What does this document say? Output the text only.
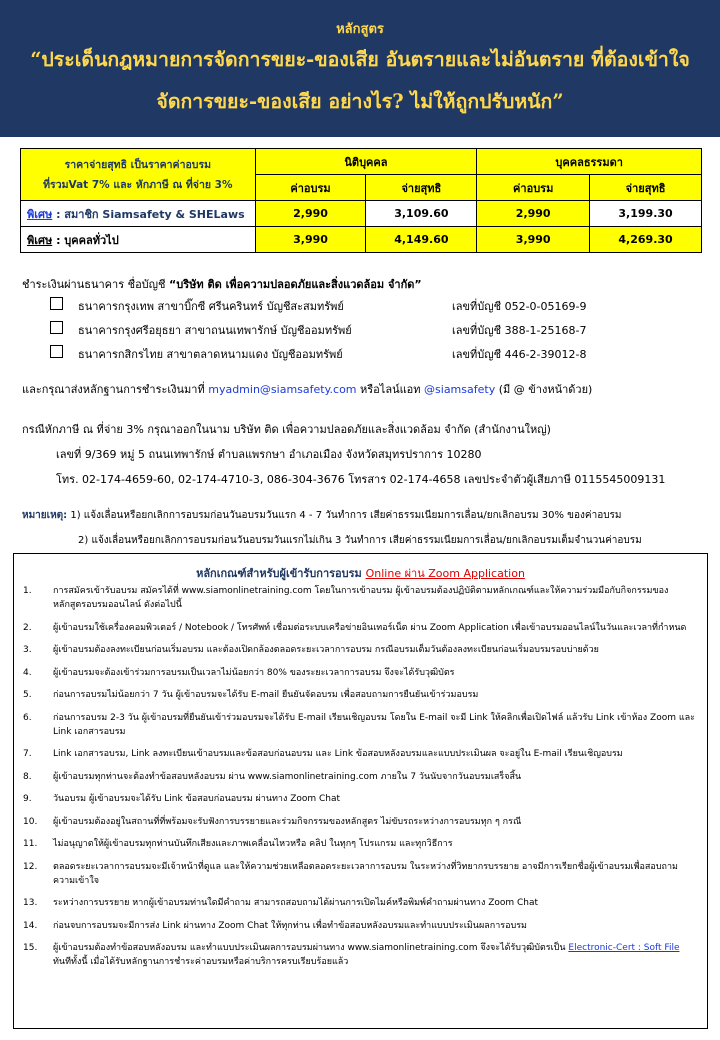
หลักสูตร
“ประเด็นกฎหมายการจัดการขยะ-ของเสีย อันตรายและไม่อันตราย ที่ต้องเข้าใจ
จัดการขยะ-ของเสีย อย่างไร? ไม่ให้ถูกปรับหนัก”
ราคาจ่ายสุทธิ เป็นราคาค่าอบรม
ที่รวมVat 7% และ หักภาษี ณ ที่จ่าย 3%	นิติบุคคล		บุคคลธรรมดา	
	ค่าอบรม	จ่ายสุทธิ	ค่าอบรม	จ่ายสุทธิ
พิเศษ : สมาชิก Siamsafety & SHELaws	2,990	3,109.60	2,990	3,199.30
พิเศษ : บุคคลทั่วไป	3,990	4,149.60	3,990	4,269.30
ชำระเงินผ่านธนาคาร ชื่อบัญชี “บริษัท ติด เพื่อความปลอดภัยและสิ่งแวดล้อม จำกัด”
ธนาคารกรุงเทพ สาขาบิ๊กซี ศรีนครินทร์ บัญชีสะสมทรัพย์	เลขที่บัญชี 052-0-05169-9
ธนาคารกรุงศรีอยุธยา สาขาถนนเทพารักษ์ บัญชีออมทรัพย์	เลขที่บัญชี 388-1-25168-7
ธนาคารกสิกรไทย สาขาตลาดหนามแดง บัญชีออมทรัพย์	เลขที่บัญชี 446-2-39012-8
และกรุณาส่งหลักฐานการชำระเงินมาที่ myadmin@siamsafety.com หรือไลน์แอท @siamsafety (มี @ ข้างหน้าด้วย)
กรณีหักภาษี ณ ที่จ่าย 3% กรุณาออกในนาม บริษัท ติด เพื่อความปลอดภัยและสิ่งแวดล้อม จำกัด (สำนักงานใหญ่)
เลขที่ 9/369 หมู่ 5 ถนนเทพารักษ์ ตำบลแพรกษา อำเภอเมือง จังหวัดสมุทรปราการ 10280
โทร. 02-174-4659-60, 02-174-4710-3, 086-304-3676 โทรสาร 02-174-4658 เลขประจำตัวผู้เสียภาษี 0115545009131
หมายเหตุ: 1) แจ้งเลื่อนหรือยกเลิกการอบรมก่อนวันอบรมวันแรก 4 - 7 วันทำการ เสียค่าธรรมเนียมการเลื่อน/ยกเลิกอบรม 30% ของค่าอบรม
2) แจ้งเลื่อนหรือยกเลิกการอบรมก่อนวันอบรมวันแรกไม่เกิน 3 วันทำการ เสียค่าธรรมเนียมการเลื่อน/ยกเลิกอบรมเต็มจำนวนค่าอบรม
หลักเกณฑ์สำหรับผู้เข้ารับการอบรม Online ผ่าน Zoom Application
1. การสมัครเข้ารับอบรม สมัครได้ที่ www.siamonlinetraining.com โดยในการเข้าอบรม ผู้เข้าอบรมต้องปฏิบัติตามหลักเกณฑ์และให้ความร่วมมือกับกิจกรรมของหลักสูตรอบรมออนไลน์ ดังต่อไปนี้
2. ผู้เข้าอบรมใช้เครื่องคอมพิวเตอร์ / Notebook / โทรศัพท์ เชื่อมต่อระบบเครือข่ายอินเทอร์เน็ต ผ่าน Zoom Application เพื่อเข้าอบรมออนไลน์ในวันและเวลาที่กำหนด
3. ผู้เข้าอบรมต้องลงทะเบียนก่อนเริ่มอบรม และต้องเปิดกล้องตลอดระยะเวลาการอบรม กรณีอบรมเต็มวันต้องลงทะเบียนก่อนเริ่มอบรมรอบบ่ายด้วย
4. ผู้เข้าอบรมจะต้องเข้าร่วมการอบรมเป็นเวลาไม่น้อยกว่า 80% ของระยะเวลาการอบรม จึงจะได้รับวุฒิบัตร
5. ก่อนการอบรมไม่น้อยกว่า 7 วัน ผู้เข้าอบรมจะได้รับ E-mail ยืนยันจัดอบรม เพื่อสอบถามการยืนยันเข้าร่วมอบรม
6. ก่อนการอบรม 2-3 วัน ผู้เข้าอบรมที่ยืนยันเข้าร่วมอบรมจะได้รับ E-mail เรียนเชิญอบรม โดยใน E-mail จะมี Link ให้คลิกเพื่อเปิดไฟล์ แล้วรับ Link เข้าห้อง Zoom และ Link เอกสารอบรม
7. Link เอกสารอบรม, Link ลงทะเบียนเข้าอบรมและข้อสอบก่อนอบรม และ Link ข้อสอบหลังอบรมและแบบประเมินผล จะอยู่ใน E-mail เรียนเชิญอบรม
8. ผู้เข้าอบรมทุกท่านจะต้องทำข้อสอบหลังอบรม ผ่าน www.siamonlinetraining.com ภายใน 7 วันนับจากวันอบรมเสร็จสิ้น
9. วันอบรม ผู้เข้าอบรมจะได้รับ Link ข้อสอบก่อนอบรม ผ่านทาง Zoom Chat
10. ผู้เข้าอบรมต้องอยู่ในสถานที่ที่พร้อมจะรับฟังการบรรยายและร่วมกิจกรรมของหลักสูตร ไม่ขับรถระหว่างการอบรมทุก ๆ กรณี
11. ไม่อนุญาตให้ผู้เข้าอบรมทุกท่านบันทึกเสียงและภาพเคลื่อนไหวหรือ คลิป ในทุกๆ โปรแกรม และทุกวิธีการ
12. ตลอดระยะเวลาการอบรมจะมีเจ้าหน้าที่ดูแล และให้ความช่วยเหลือตลอดระยะเวลาการอบรม ในระหว่างที่วิทยากรบรรยาย อาจมีการเรียกชื่อผู้เข้าอบรมเพื่อสอบถามความเข้าใจ
13. ระหว่างการบรรยาย หากผู้เข้าอบรมท่านใดมีคำถาม สามารถสอบถามได้ผ่านการเปิดไมค์หรือพิมพ์คำถามผ่านทาง Zoom Chat
14. ก่อนจบการอบรมจะมีการส่ง Link ผ่านทาง Zoom Chat ให้ทุกท่าน เพื่อทำข้อสอบหลังอบรมและทำแบบประเมินผลการอบรม
15. ผู้เข้าอบรมต้องทำข้อสอบหลังอบรม และทำแบบประเมินผลการอบรมผ่านทาง www.siamonlinetraining.com จึงจะได้รับวุฒิบัตรเป็น Electronic-Cert : Soft File ทันทีทั้งนี้ เมื่อได้รับหลักฐานการชำระค่าอบรมหรือค่าบริการครบเรียบร้อยแล้ว
